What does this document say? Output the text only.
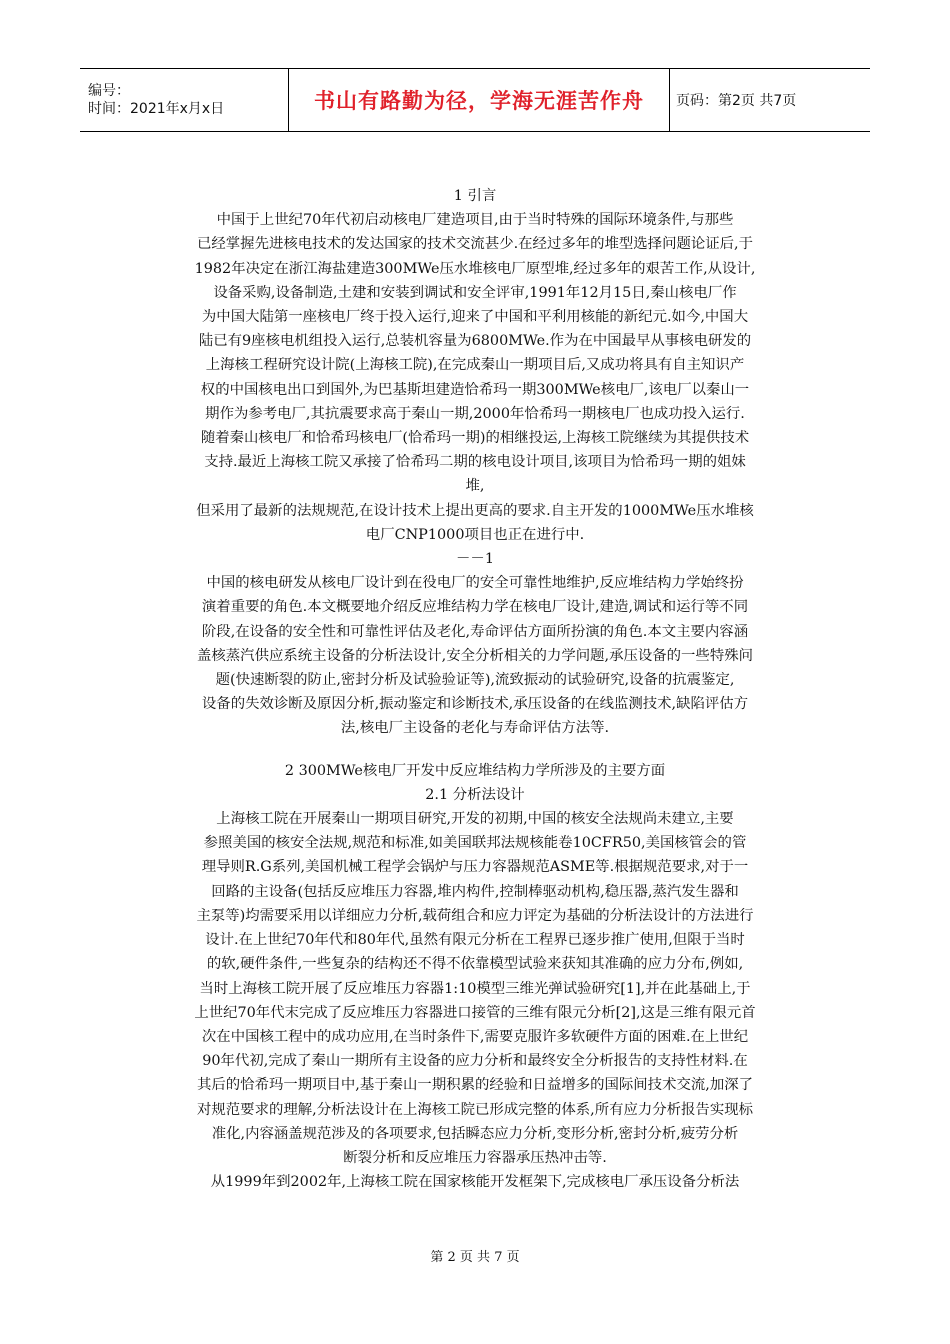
编号：
时间：2021年x月x日	书山有路勤为径，学海无涯苦作舟 页码：第2页 共7页
1 引言
中国于上世纪70年代初启动核电厂建造项目,由于当时特殊的国际环境条件,与那些
已经掌握先进核电技术的发达国家的技术交流甚少.在经过多年的堆型选择问题论证后,于
1982年决定在浙江海盐建造300MWe压水堆核电厂原型堆,经过多年的艰苦工作,从设计,
设备采购,设备制造,土建和安装到调试和安全评审,1991年12月15日,秦山核电厂作
为中国大陆第一座核电厂终于投入运行,迎来了中国和平利用核能的新纪元.如今,中国大
陆已有9座核电机组投入运行,总装机容量为6800MWe.作为在中国最早从事核电研发的
上海核工程研究设计院(上海核工院),在完成秦山一期项目后,又成功将具有自主知识产
权的中国核电出口到国外,为巴基斯坦建造恰希玛一期300MWe核电厂,该电厂以秦山一
期作为参考电厂,其抗震要求高于秦山一期,2000年恰希玛一期核电厂也成功投入运行.
随着秦山核电厂和恰希玛核电厂(恰希玛一期)的相继投运,上海核工院继续为其提供技术
支持.最近上海核工院又承接了恰希玛二期的核电设计项目,该项目为恰希玛一期的姐妹
堆,
但采用了最新的法规规范,在设计技术上提出更高的要求.自主开发的1000MWe压水堆核
电厂CNP1000项目也正在进行中.
－－1
中国的核电研发从核电厂设计到在役电厂的安全可靠性地维护,反应堆结构力学始终扮
演着重要的角色.本文概要地介绍反应堆结构力学在核电厂设计,建造,调试和运行等不同
阶段,在设备的安全性和可靠性评估及老化,寿命评估方面所扮演的角色.本文主要内容涵
盖核蒸汽供应系统主设备的分析法设计,安全分析相关的力学问题,承压设备的一些特殊问
题(快速断裂的防止,密封分析及试验验证等),流致振动的试验研究,设备的抗震鉴定,
设备的失效诊断及原因分析,振动鉴定和诊断技术,承压设备的在线监测技术,缺陷评估方
法,核电厂主设备的老化与寿命评估方法等.
2 300MWe核电厂开发中反应堆结构力学所涉及的主要方面
2.1 分析法设计
上海核工院在开展秦山一期项目研究,开发的初期,中国的核安全法规尚未建立,主要
参照美国的核安全法规,规范和标准,如美国联邦法规核能卷10CFR50,美国核管会的管
理导则R.G系列,美国机械工程学会锅炉与压力容器规范ASME等.根据规范要求,对于一
回路的主设备(包括反应堆压力容器,堆内构件,控制棒驱动机构,稳压器,蒸汽发生器和
主泵等)均需要采用以详细应力分析,载荷组合和应力评定为基础的分析法设计的方法进行
设计.在上世纪70年代和80年代,虽然有限元分析在工程界已逐步推广使用,但限于当时
的软,硬件条件,一些复杂的结构还不得不依靠模型试验来获知其准确的应力分布,例如,
当时上海核工院开展了反应堆压力容器1:10模型三维光弹试验研究[1],并在此基础上,于
上世纪70年代末完成了反应堆压力容器进口接管的三维有限元分析[2],这是三维有限元首
次在中国核工程中的成功应用,在当时条件下,需要克服许多软硬件方面的困难.在上世纪
90年代初,完成了秦山一期所有主设备的应力分析和最终安全分析报告的支持性材料.在
其后的恰希玛一期项目中,基于秦山一期积累的经验和日益增多的国际间技术交流,加深了
对规范要求的理解,分析法设计在上海核工院已形成完整的体系,所有应力分析报告实现标
准化,内容涵盖规范涉及的各项要求,包括瞬态应力分析,变形分析,密封分析,疲劳分析
断裂分析和反应堆压力容器承压热冲击等.
从1999年到2002年,上海核工院在国家核能开发框架下,完成核电厂承压设备分析法
第 2 页 共 7 页
